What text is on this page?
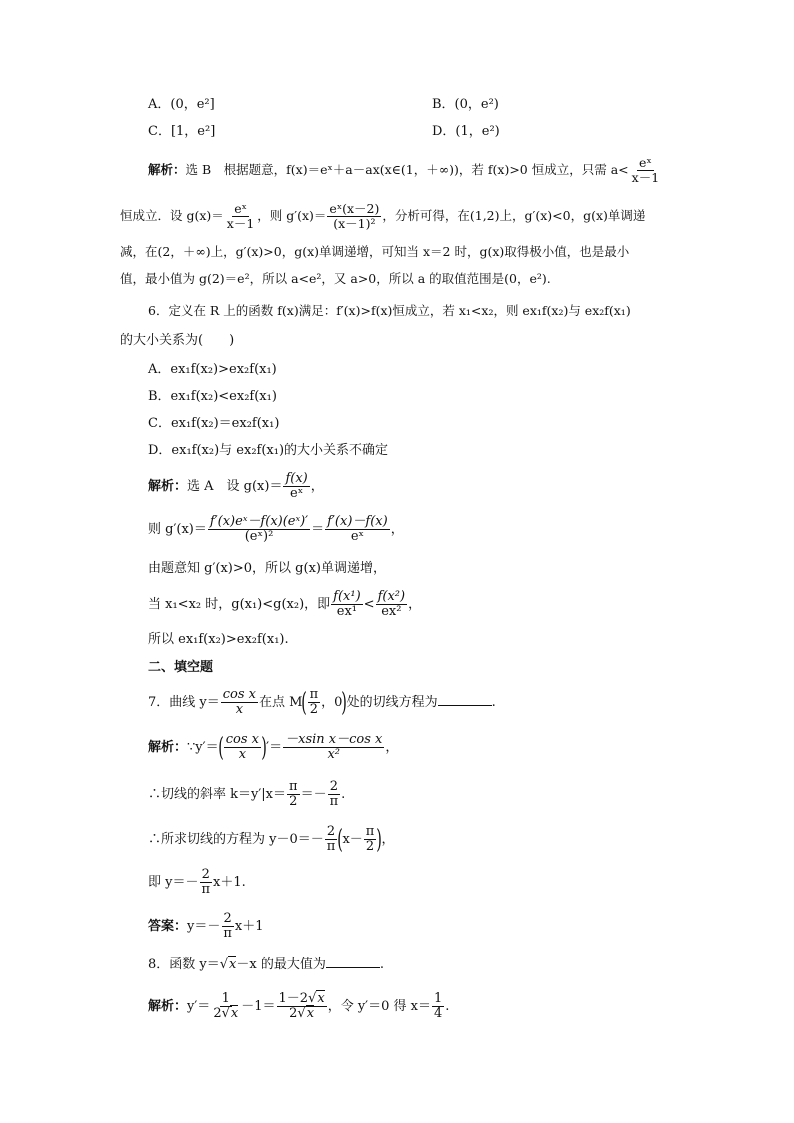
A．(0，e²]	B．(0，e²)
C．[1，e²]	D．(1，e²)
解析：选 B　根据题意，f(x)＝eˣ＋a－ax(x∈(1，＋∞))，若 f(x)>0 恒成立，只需 $a< \frac{\text{eˣ}}{x-1}$
恒成立．设 $g(x)= \frac{\text{eˣ}}{x-1}$ ，则 $g'(x)= \frac{\text{eˣ(x－2)}}{\text{(x－1)²}}$ ，分析可得，在(1,2)上，g′(x)<0，g(x)单调递
减，在(2，＋∞)上，g′(x)>0，g(x)单调递增，可知当 x＝2 时，g(x)取得极小值，也是最小
值，最小值为 g(2)＝e²，所以 a<e²，又 a>0，所以 a 的取值范围是(0，e²).
6．定义在 R 上的函数 f(x)满足：f′(x)>f(x)恒成立，若 x₁<x₂，则 ex₁f(x₂)与 ex₂f(x₁)
的大小关系为(　　)
A．ex₁f(x₂)>ex₂f(x₁)
B．ex₁f(x₂)<ex₂f(x₁)
C．ex₁f(x₂)＝ex₂f(x₁)
D．ex₁f(x₂)与 ex₂f(x₁)的大小关系不确定
解析：选 A　设 $g(x)= \frac{f(x)}{\text{eˣ}}$ ，
则 $g'(x)= \frac{\text{f′(x)eˣ－f(x)(eˣ)′}}{\text{(eˣ)²}} = \frac{f'(x)-f(x)}{\text{eˣ}}$ ，
由题意知 g′(x)>0，所以 g(x)单调递增，
当 x₁<x₂ 时，g(x₁)<g(x₂)，即 $\frac{\text{f(x¹)}}{\text{ex¹}} < \frac{\text{f(x²)}}{\text{ex²}}$ ，
所以 ex₁f(x₂)>ex₂f(x₁).
二、填空题
7．曲线 $y= \frac{\text{cos x}}{x}$ 在点 $M( \frac{\pi}{2}$ ，0)处的切线方程为	.
解析：∵y′＝( $\frac{\text{cos x}}{x}$ )′＝ $\frac{\text{－xsin x－cos x}}{\text{x²}}$ ，
∴切线的斜率 $k=y'|x= \frac{\pi}{2} =- \frac{2}{\pi}$ .
∴所求切线的方程为 $y-0=- \frac{2}{\pi} (x- \frac{\pi}{2}$ )，
即 $y=- \frac{2}{\pi} x+1$.
答案：$y=- \frac{2}{\pi} x+1$
8．函数 y＝√x－x 的最大值为	.
解析：$y'= \frac{1}{2√x} -1= \frac{1-2√x}{2√x}$ ，令 y′＝0 得 $x= \frac{1}{4}$ .
